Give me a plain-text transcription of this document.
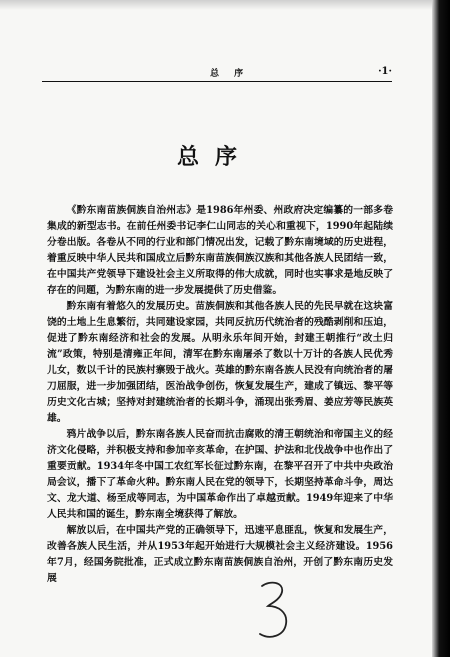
总 序	·1·
总序

《黔东南苗族侗族自治州志》是1986年州委、州政府决定编纂的一部多卷集成的新型志书。在前任州委书记李仁山同志的关心和重视下，1990年起陆续分卷出版。各卷从不同的行业和部门情况出发，记载了黔东南境域的历史进程，着重反映中华人民共和国成立后黔东南苗族侗族汉族和其他各族人民团结一致，在中国共产党领导下建设社会主义所取得的伟大成就，同时也实事求是地反映了存在的问题，为黔东南的进一步发展提供了历史借鉴。

黔东南有着悠久的发展历史。苗族侗族和其他各族人民的先民早就在这块富饶的土地上生息繁衍，共同建设家园，共同反抗历代统治者的残酷剥削和压迫，促进了黔东南经济和社会的发展。从明永乐年间开始，封建王朝推行“改土归流”政策，特别是清雍正年间，清军在黔东南屠杀了数以十万计的各族人民优秀儿女，数以千计的民族村寨毁于战火。英雄的黔东南各族人民没有向统治者的屠刀屈服，进一步加强团结，医治战争创伤，恢复发展生产，建成了镇远、黎平等历史文化古城；坚持对封建统治者的长期斗争，涌现出张秀眉、姜应芳等民族英雄。

鸦片战争以后，黔东南各族人民奋而抗击腐败的清王朝统治和帝国主义的经济文化侵略，并积极支持和参加辛亥革命，在护国、护法和北伐战争中也作出了重要贡献。1934年冬中国工农红军长征过黔东南，在黎平召开了中共中央政治局会议，播下了革命火种。黔东南人民在党的领导下，长期坚持革命斗争，周达文、龙大道、杨至成等同志，为中国革命作出了卓越贡献。1949年迎来了中华人民共和国的诞生，黔东南全境获得了解放。

解放以后，在中国共产党的正确领导下，迅速平息匪乱，恢复和发展生产，改善各族人民生活，并从1953年起开始进行大规模社会主义经济建设。1956年7月，经国务院批准，正式成立黔东南苗族侗族自治州，开创了黔东南历史发展
